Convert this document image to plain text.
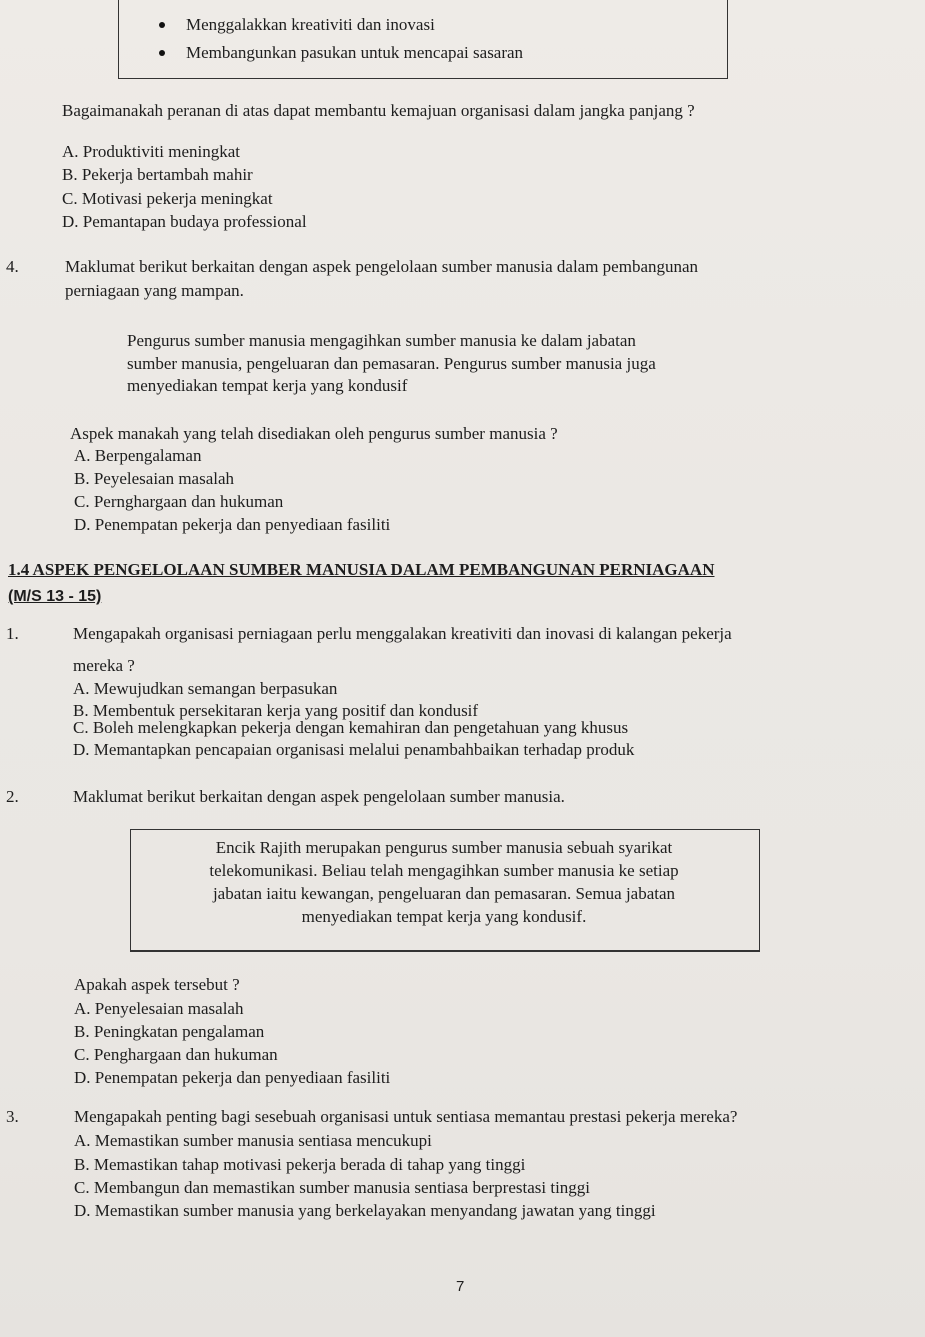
Menggalakkan kreativiti dan inovasi
Membangunkan pasukan untuk mencapai sasaran
Bagaimanakah peranan di atas dapat membantu kemajuan organisasi dalam jangka panjang ?
A. Produktiviti meningkat
B. Pekerja bertambah mahir
C. Motivasi pekerja meningkat
D. Pemantapan budaya professional
4.	Maklumat berikut berkaitan dengan aspek pengelolaan sumber manusia dalam pembangunan
perniagaan yang mampan.
Pengurus sumber manusia mengagihkan sumber manusia ke dalam jabatan
sumber manusia, pengeluaran dan pemasaran. Pengurus sumber manusia juga
menyediakan tempat kerja yang kondusif
Aspek manakah yang telah disediakan oleh pengurus sumber manusia ?
A. Berpengalaman
B. Peyelesaian masalah
C. Pernghargaan dan hukuman
D. Penempatan pekerja dan penyediaan fasiliti
1.4 ASPEK PENGELOLAAN SUMBER MANUSIA DALAM PEMBANGUNAN PERNIAGAAN
(M/S 13 - 15)
1.	Mengapakah organisasi perniagaan perlu menggalakan kreativiti dan inovasi di kalangan pekerja
mereka ?
A. Mewujudkan semangan berpasukan
B. Membentuk persekitaran kerja yang positif dan kondusif
C. Boleh melengkapkan pekerja dengan kemahiran dan pengetahuan yang khusus
D. Memantapkan pencapaian organisasi melalui penambahbaikan terhadap produk
2.	Maklumat berikut berkaitan dengan aspek pengelolaan sumber manusia.
Encik Rajith merupakan pengurus sumber manusia sebuah syarikat
telekomunikasi. Beliau telah mengagihkan sumber manusia ke setiap
jabatan iaitu kewangan, pengeluaran dan pemasaran. Semua jabatan
menyediakan tempat kerja yang kondusif.
Apakah aspek tersebut ?
A. Penyelesaian masalah
B. Peningkatan pengalaman
C. Penghargaan dan hukuman
D. Penempatan pekerja dan penyediaan fasiliti
3.	Mengapakah penting bagi sesebuah organisasi untuk sentiasa memantau prestasi pekerja mereka?
A. Memastikan sumber manusia sentiasa mencukupi
B. Memastikan tahap motivasi pekerja berada di tahap yang tinggi
C. Membangun dan memastikan sumber manusia sentiasa berprestasi tinggi
D. Memastikan sumber manusia yang berkelayakan menyandang jawatan yang tinggi
7
